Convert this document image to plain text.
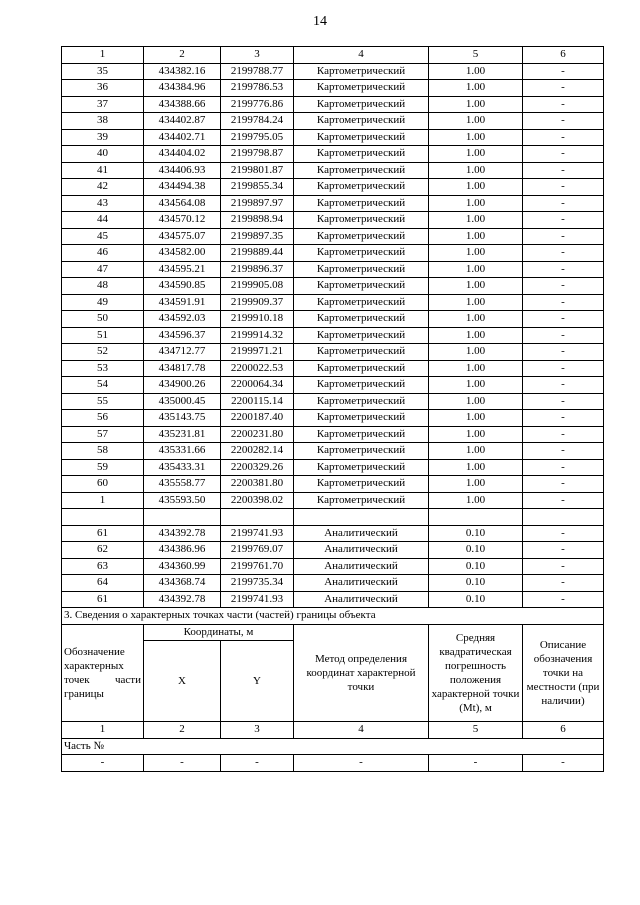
14
1	2	3	4	5	6
35	434382.16	2199788.77	Картометрический	1.00	-
36	434384.96	2199786.53	Картометрический	1.00	-
37	434388.66	2199776.86	Картометрический	1.00	-
38	434402.87	2199784.24	Картометрический	1.00	-
39	434402.71	2199795.05	Картометрический	1.00	-
40	434404.02	2199798.87	Картометрический	1.00	-
41	434406.93	2199801.87	Картометрический	1.00	-
42	434494.38	2199855.34	Картометрический	1.00	-
43	434564.08	2199897.97	Картометрический	1.00	-
44	434570.12	2199898.94	Картометрический	1.00	-
45	434575.07	2199897.35	Картометрический	1.00	-
46	434582.00	2199889.44	Картометрический	1.00	-
47	434595.21	2199896.37	Картометрический	1.00	-
48	434590.85	2199905.08	Картометрический	1.00	-
49	434591.91	2199909.37	Картометрический	1.00	-
50	434592.03	2199910.18	Картометрический	1.00	-
51	434596.37	2199914.32	Картометрический	1.00	-
52	434712.77	2199971.21	Картометрический	1.00	-
53	434817.78	2200022.53	Картометрический	1.00	-
54	434900.26	2200064.34	Картометрический	1.00	-
55	435000.45	2200115.14	Картометрический	1.00	-
56	435143.75	2200187.40	Картометрический	1.00	-
57	435231.81	2200231.80	Картометрический	1.00	-
58	435331.66	2200282.14	Картометрический	1.00	-
59	435433.31	2200329.26	Картометрический	1.00	-
60	435558.77	2200381.80	Картометрический	1.00	-
1	435593.50	2200398.02	Картометрический	1.00	-

61	434392.78	2199741.93	Аналитический	0.10	-
62	434386.96	2199769.07	Аналитический	0.10	-
63	434360.99	2199761.70	Аналитический	0.10	-
64	434368.74	2199735.34	Аналитический	0.10	-
61	434392.78	2199741.93	Аналитический	0.10	-
3. Сведения о характерных точках части (частей) границы объекта					

Обозначение
характерных
точек части
границы	Координаты, м		Метод определения координат характерной точки	Средняя квадратическая погрешность положения характерной точки (Mt), м	Описание обозначения точки на местности (при наличии)
	X	Y			
1	2	3	4	5	6
Часть №					
-	-	-	-	-	-
